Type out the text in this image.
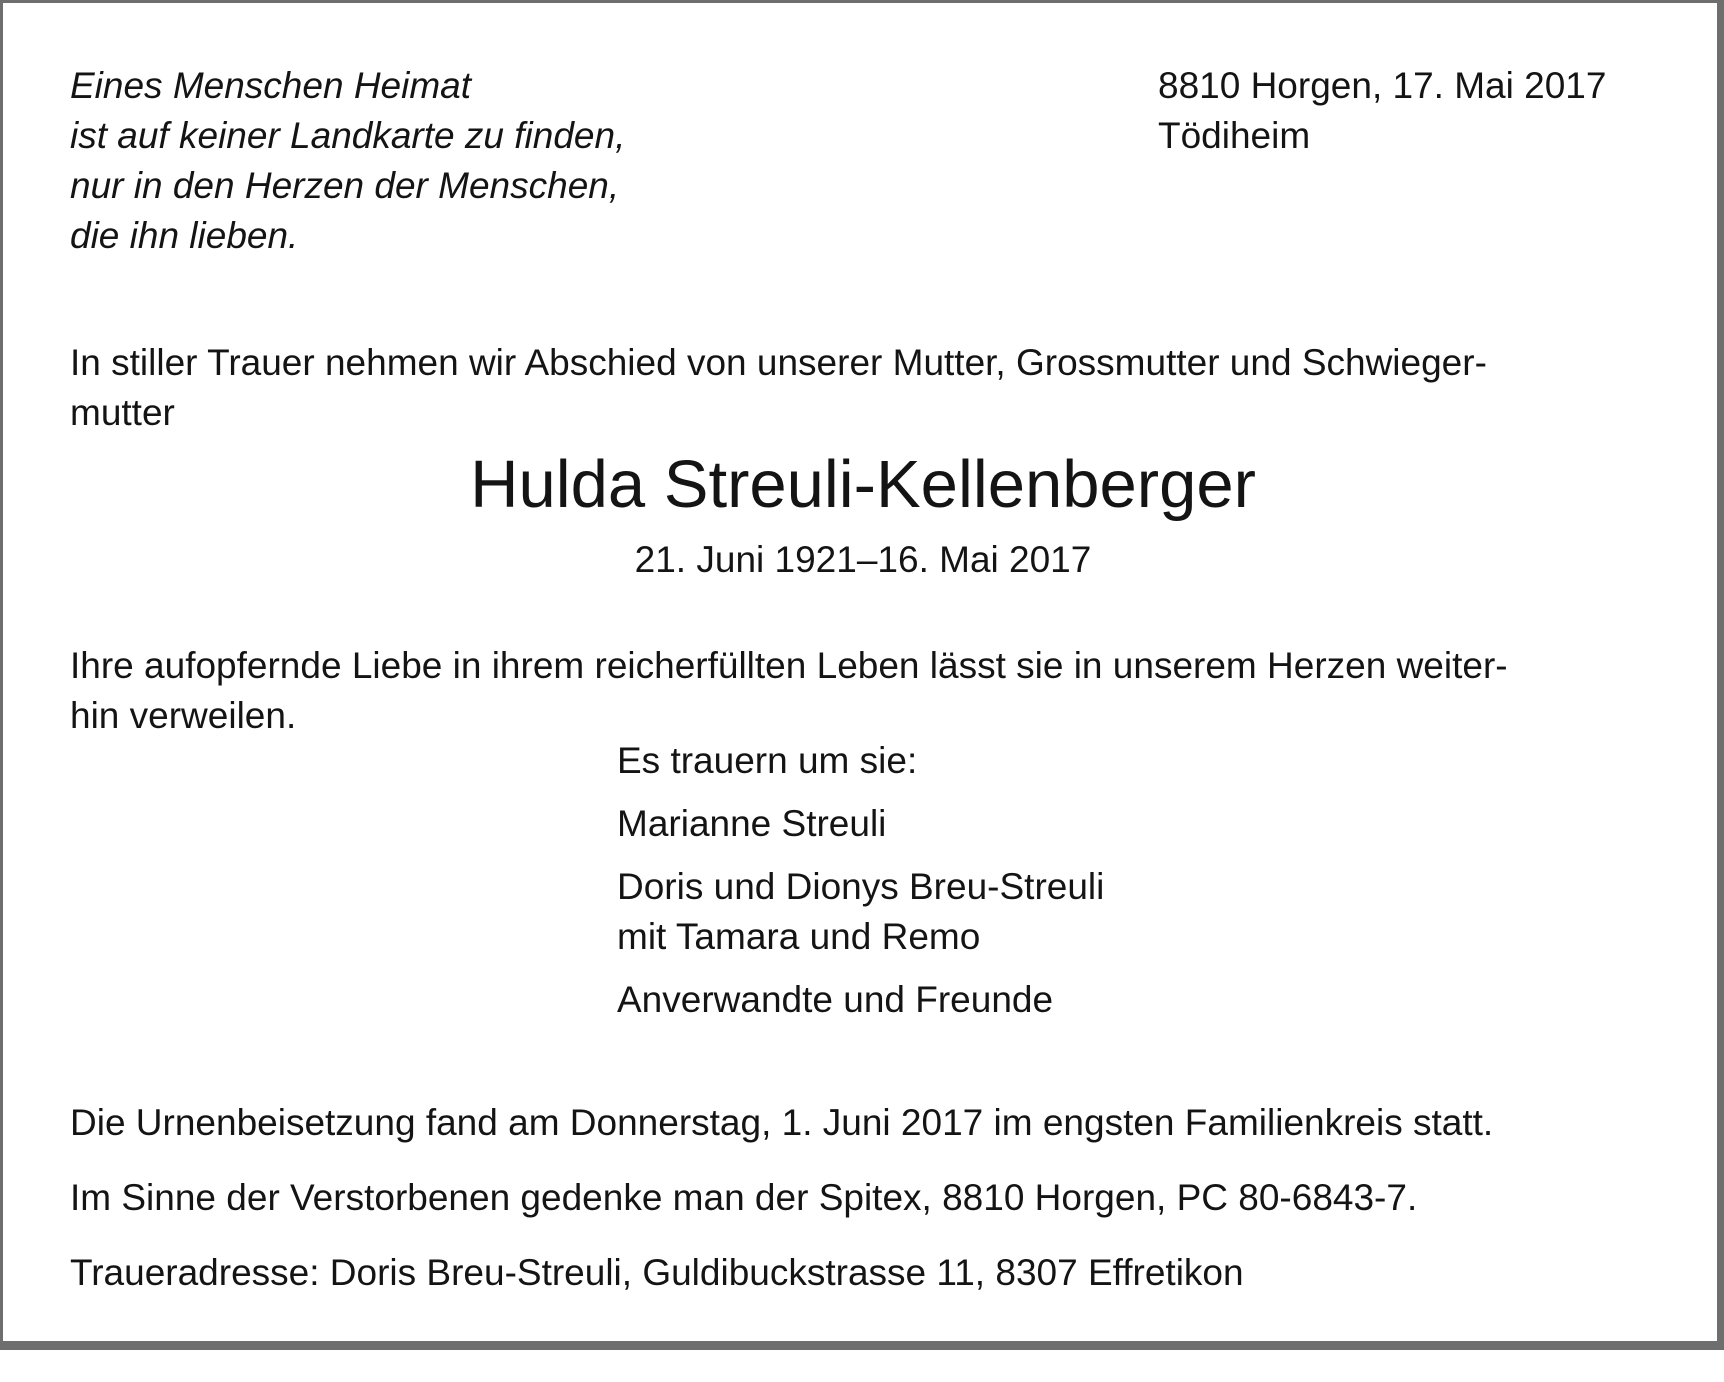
Eines Menschen Heimat
ist auf keiner Landkarte zu finden,
nur in den Herzen der Menschen,
die ihn lieben.
8810 Horgen, 17. Mai 2017
Tödiheim
In stiller Trauer nehmen wir Abschied von unserer Mutter, Grossmutter und Schwieger-
mutter
Hulda Streuli-Kellenberger
21. Juni 1921–16. Mai 2017
Ihre aufopfernde Liebe in ihrem reicherfüllten Leben lässt sie in unserem Herzen weiter-
hin verweilen.
Es trauern um sie:
Marianne Streuli
Doris und Dionys Breu-Streuli
mit Tamara und Remo
Anverwandte und Freunde
Die Urnenbeisetzung fand am Donnerstag, 1. Juni 2017 im engsten Familienkreis statt.
Im Sinne der Verstorbenen gedenke man der Spitex, 8810 Horgen, PC 80-6843-7.
Traueradresse: Doris Breu-Streuli, Guldibuckstrasse 11, 8307 Effretikon
